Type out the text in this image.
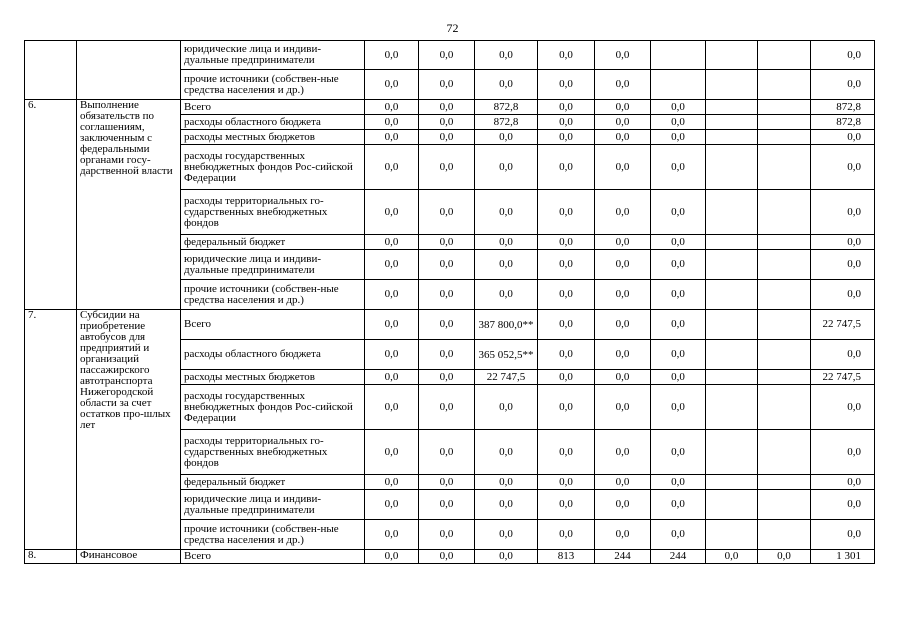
72
		юридические лица и индиви-дуальные предприниматели	0,0	0,0	0,0	0,0	0,0				0,0
		прочие источники (собствен-ные средства населения и др.)	0,0	0,0	0,0	0,0	0,0				0,0
6.	Выполнение обязательств по соглашениям, заключенным с федеральными органами госу-дарственной власти	Всего	0,0	0,0	872,8	0,0	0,0	0,0			872,8
		расходы областного бюджета	0,0	0,0	872,8	0,0	0,0	0,0			872,8
		расходы местных бюджетов	0,0	0,0	0,0	0,0	0,0	0,0			0,0
		расходы государственных внебюджетных фондов Рос-сийской Федерации	0,0	0,0	0,0	0,0	0,0	0,0			0,0
		расходы территориальных го-сударственных внебюджетных фондов	0,0	0,0	0,0	0,0	0,0	0,0			0,0
		федеральный бюджет	0,0	0,0	0,0	0,0	0,0	0,0			0,0
		юридические лица и индиви-дуальные предприниматели	0,0	0,0	0,0	0,0	0,0	0,0			0,0
		прочие источники (собствен-ные средства населения и др.)	0,0	0,0	0,0	0,0	0,0	0,0			0,0
7.	Субсидии на приобретение автобусов для предприятий и организаций пассажирского автотранспорта Нижегородской области за счет остатков про-шлых лет	Всего	0,0	0,0	387 800,0**	0,0	0,0	0,0			22 747,5
		расходы областного бюджета	0,0	0,0	365 052,5**	0,0	0,0	0,0			0,0
		расходы местных бюджетов	0,0	0,0	22 747,5	0,0	0,0	0,0			22 747,5
		расходы государственных внебюджетных фондов Рос-сийской Федерации	0,0	0,0	0,0	0,0	0,0	0,0			0,0
		расходы территориальных го-сударственных внебюджетных фондов	0,0	0,0	0,0	0,0	0,0	0,0			0,0
		федеральный бюджет	0,0	0,0	0,0	0,0	0,0	0,0			0,0
		юридические лица и индиви-дуальные предприниматели	0,0	0,0	0,0	0,0	0,0	0,0			0,0
		прочие источники (собствен-ные средства населения и др.)	0,0	0,0	0,0	0,0	0,0	0,0			0,0
8.	Финансовое	Всего	0,0	0,0	0,0	813	244	244	0,0	0,0	1 301
